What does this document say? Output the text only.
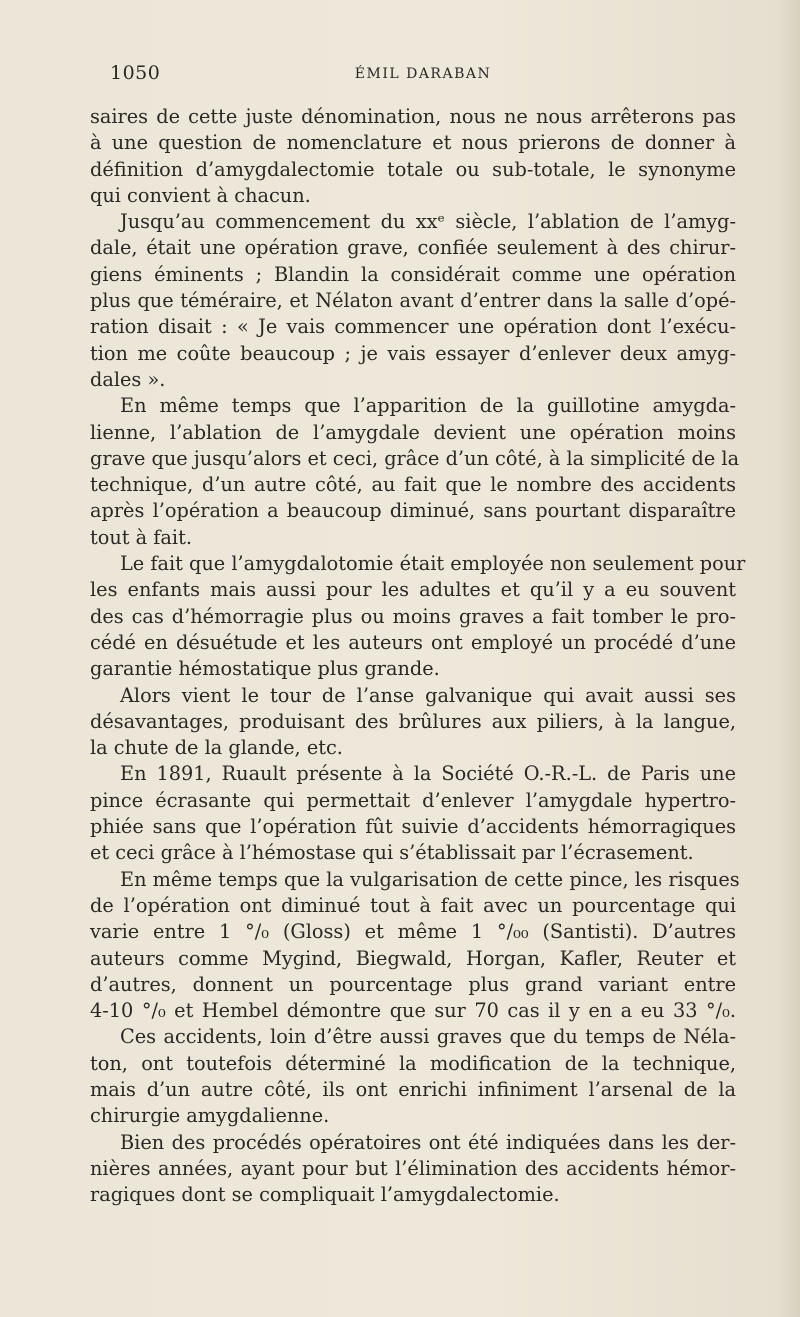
1050	ÉMIL DARABAN
saires de cette juste dénomination, nous ne nous arrêterons pas
à une question de nomenclature et nous prierons de donner à
définition d’amygdalectomie totale ou sub-totale, le synonyme
qui convient à chacun.
Jusqu’au commencement du xxᵉ siècle, l’ablation de l’amyg-
dale, était une opération grave, confiée seulement à des chirur-
giens éminents ; Blandin la considérait comme une opération
plus que téméraire, et Nélaton avant d’entrer dans la salle d’opé-
ration disait : « Je vais commencer une opération dont l’exécu-
tion me coûte beaucoup ; je vais essayer d’enlever deux amyg-
dales ».
En même temps que l’apparition de la guillotine amygda-
lienne, l’ablation de l’amygdale devient une opération moins
grave que jusqu’alors et ceci, grâce d’un côté, à la simplicité de la
technique, d’un autre côté, au fait que le nombre des accidents
après l’opération a beaucoup diminué, sans pourtant disparaître
tout à fait.
Le fait que l’amygdalotomie était employée non seulement pour
les enfants mais aussi pour les adultes et qu’il y a eu souvent
des cas d’hémorragie plus ou moins graves a fait tomber le pro-
cédé en désuétude et les auteurs ont employé un procédé d’une
garantie hémostatique plus grande.
Alors vient le tour de l’anse galvanique qui avait aussi ses
désavantages, produisant des brûlures aux piliers, à la langue,
la chute de la glande, etc.
En 1891, Ruault présente à la Société O.-R.-L. de Paris une
pince écrasante qui permettait d’enlever l’amygdale hypertro-
phiée sans que l’opération fût suivie d’accidents hémorragiques
et ceci grâce à l’hémostase qui s’établissait par l’écrasement.
En même temps que la vulgarisation de cette pince, les risques
de l’opération ont diminué tout à fait avec un pourcentage qui
varie entre 1 °/₀ (Gloss) et même 1 °/₀₀ (Santisti). D’autres
auteurs comme Mygind, Biegwald, Horgan, Kafler, Reuter et
d’autres, donnent un pourcentage plus grand variant entre
4-10 °/₀ et Hembel démontre que sur 70 cas il y en a eu 33 °/₀.
Ces accidents, loin d’être aussi graves que du temps de Néla-
ton, ont toutefois déterminé la modification de la technique,
mais d’un autre côté, ils ont enrichi infiniment l’arsenal de la
chirurgie amygdalienne.
Bien des procédés opératoires ont été indiquées dans les der-
nières années, ayant pour but l’élimination des accidents hémor-
ragiques dont se compliquait l’amygdalectomie.
